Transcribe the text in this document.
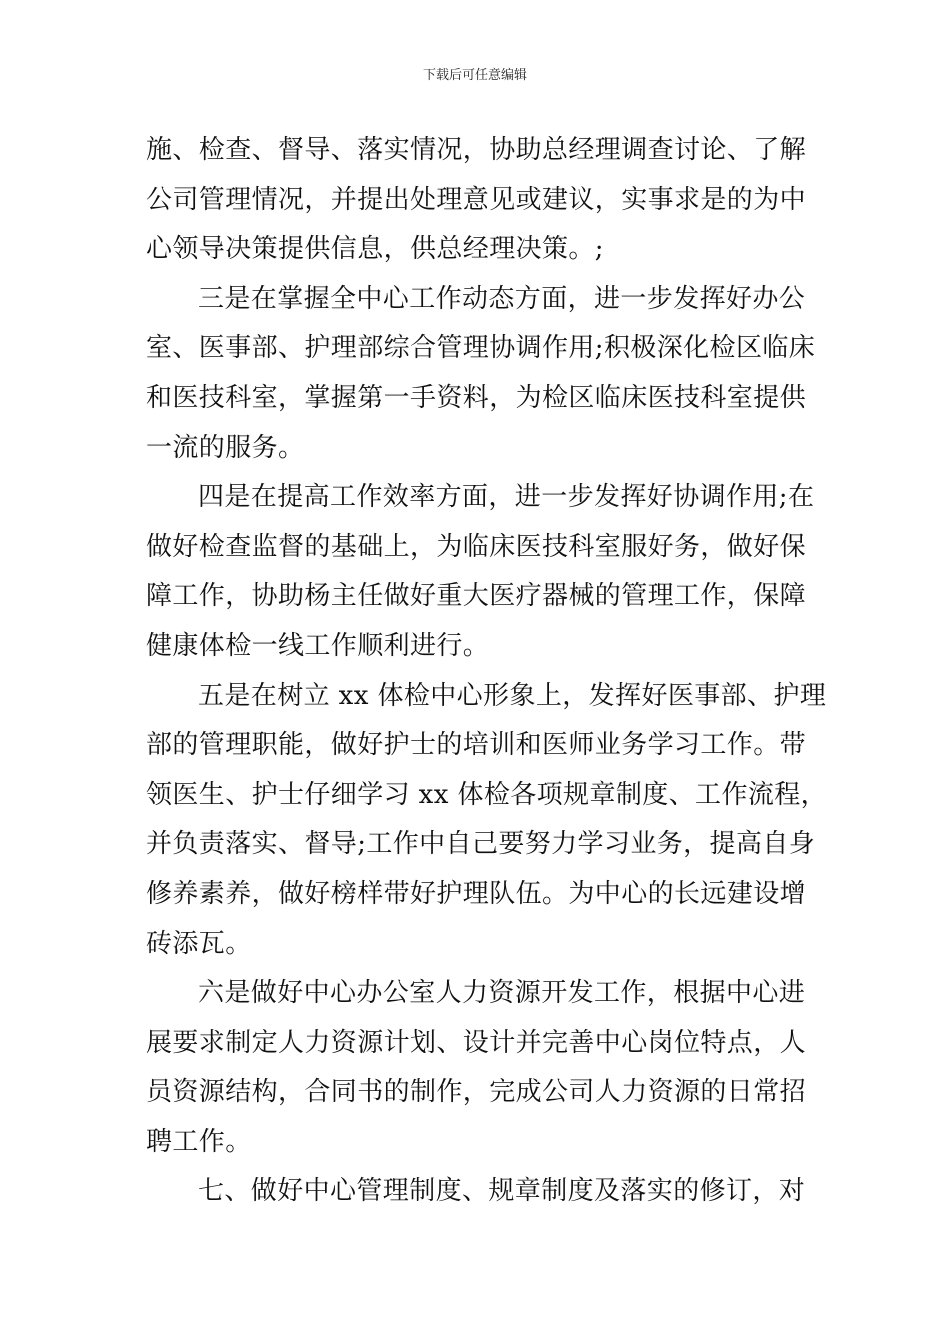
下载后可任意编辑
施、检查、督导、落实情况，协助总经理调查讨论、了解
公司管理情况，并提出处理意见或建议，实事求是的为中
心领导决策提供信息，供总经理决策。;
三是在掌握全中心工作动态方面，进一步发挥好办公
室、医事部、护理部综合管理协调作用;积极深化检区临床
和医技科室，掌握第一手资料，为检区临床医技科室提供
一流的服务。
四是在提高工作效率方面，进一步发挥好协调作用;在
做好检查监督的基础上，为临床医技科室服好务，做好保
障工作，协助杨主任做好重大医疗器械的管理工作，保障
健康体检一线工作顺利进行。
五是在树立 xx 体检中心形象上，发挥好医事部、护理
部的管理职能，做好护士的培训和医师业务学习工作。带
领医生、护士仔细学习 xx 体检各项规章制度、工作流程，
并负责落实、督导;工作中自己要努力学习业务，提高自身
修养素养，做好榜样带好护理队伍。为中心的长远建设增
砖添瓦。
六是做好中心办公室人力资源开发工作，根据中心进
展要求制定人力资源计划、设计并完善中心岗位特点，人
员资源结构，合同书的制作，完成公司人力资源的日常招
聘工作。
七、做好中心管理制度、规章制度及落实的修订，对
